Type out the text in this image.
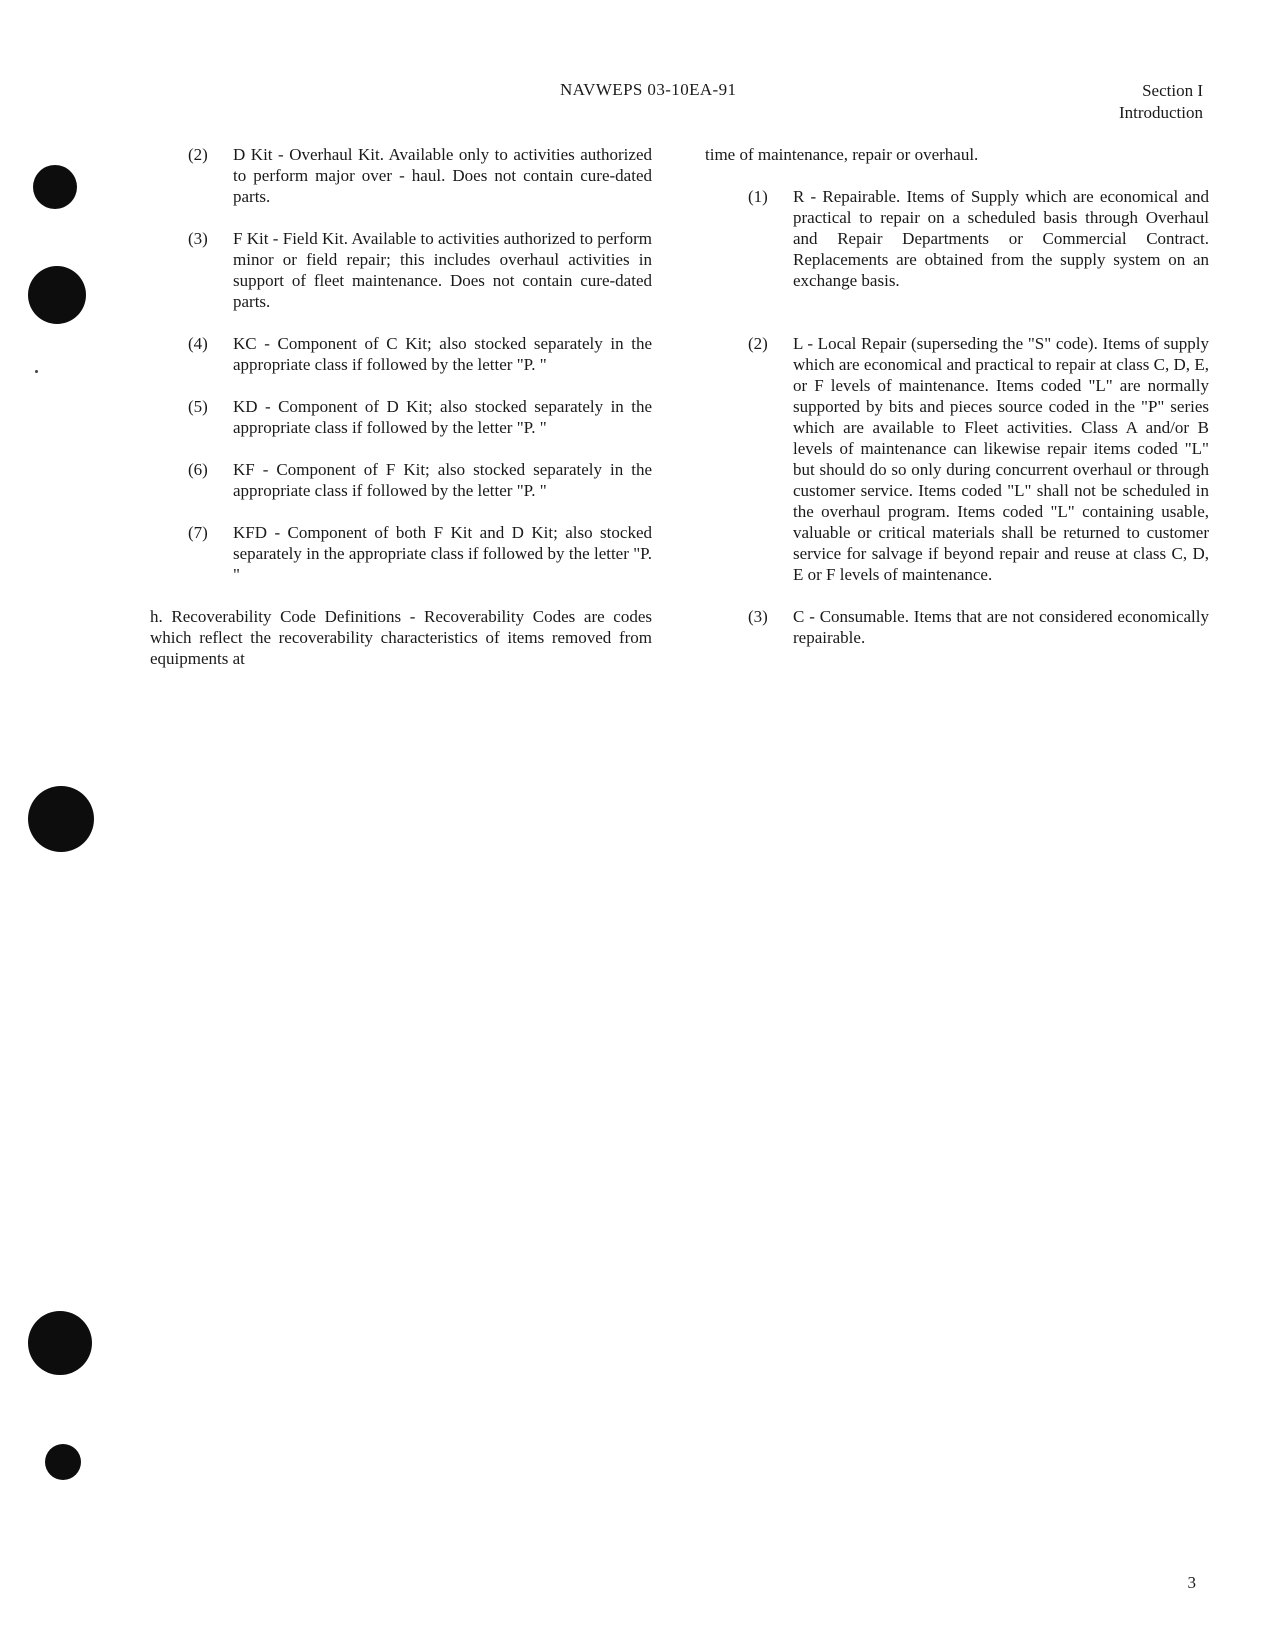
NAVWEPS 03-10EA-91	Section I
Introduction
(2)	D Kit - Overhaul Kit. Available only to activities authorized to perform major over - haul. Does not contain cure-dated parts.
(3)	F Kit - Field Kit. Available to activities authorized to perform minor or field repair; this includes overhaul activities in support of fleet maintenance. Does not contain cure-dated parts.
(4)	KC - Component of C Kit; also stocked separately in the appropriate class if followed by the letter "P. "
(5)	KD - Component of D Kit; also stocked separately in the appropriate class if followed by the letter "P. "
(6)	KF - Component of F Kit; also stocked separately in the appropriate class if followed by the letter "P. "
(7)	KFD - Component of both F Kit and D Kit; also stocked separately in the appropriate class if followed by the letter "P. "
h. Recoverability Code Definitions - Recoverability Codes are codes which reflect the recoverability characteristics of items removed from equipments at
time of maintenance, repair or overhaul.
(1)	R - Repairable. Items of Supply which are economical and practical to repair on a scheduled basis through Overhaul and Repair Departments or Commercial Contract. Replacements are obtained from the supply system on an exchange basis.
(2)	L - Local Repair (superseding the "S" code). Items of supply which are economical and practical to repair at class C, D, E, or F levels of maintenance. Items coded "L" are normally supported by bits and pieces source coded in the "P" series which are available to Fleet activities. Class A and/or B levels of maintenance can likewise repair items coded "L" but should do so only during concurrent overhaul or through customer service. Items coded "L" shall not be scheduled in the overhaul program. Items coded "L" containing usable, valuable or critical materials shall be returned to customer service for salvage if beyond repair and reuse at class C, D, E or F levels of maintenance.
(3)	C - Consumable. Items that are not considered economically repairable.
3
